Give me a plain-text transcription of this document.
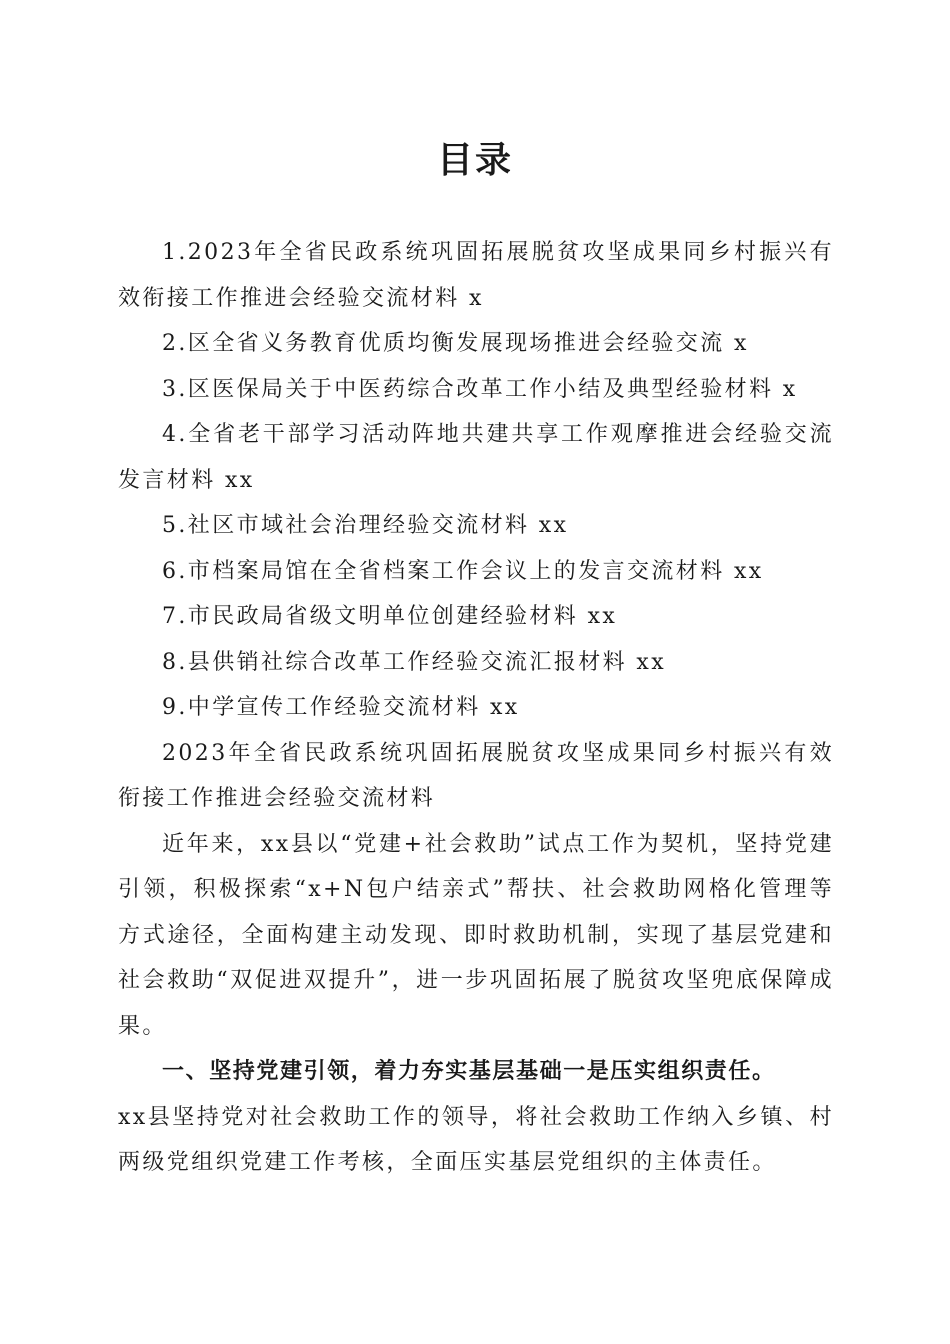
目录

1.2023年全省民政系统巩固拓展脱贫攻坚成果同乡村振兴有效衔接工作推进会经验交流材料 x

2.区全省义务教育优质均衡发展现场推进会经验交流 x

3.区医保局关于中医药综合改革工作小结及典型经验材料 x

4.全省老干部学习活动阵地共建共享工作观摩推进会经验交流发言材料 xx

5.社区市域社会治理经验交流材料 xx

6.市档案局馆在全省档案工作会议上的发言交流材料 xx

7.市民政局省级文明单位创建经验材料 xx

8.县供销社综合改革工作经验交流汇报材料 xx

9.中学宣传工作经验交流材料 xx

2023年全省民政系统巩固拓展脱贫攻坚成果同乡村振兴有效衔接工作推进会经验交流材料

近年来，xx县以“党建+社会救助”试点工作为契机，坚持党建引领，积极探索“x+N包户结亲式”帮扶、社会救助网格化管理等方式途径，全面构建主动发现、即时救助机制，实现了基层党建和社会救助“双促进双提升”，进一步巩固拓展了脱贫攻坚兜底保障成果。

一、坚持党建引领，着力夯实基层基础一是压实组织责任。

xx县坚持党对社会救助工作的领导，将社会救助工作纳入乡镇、村两级党组织党建工作考核，全面压实基层党组织的主体责任。
